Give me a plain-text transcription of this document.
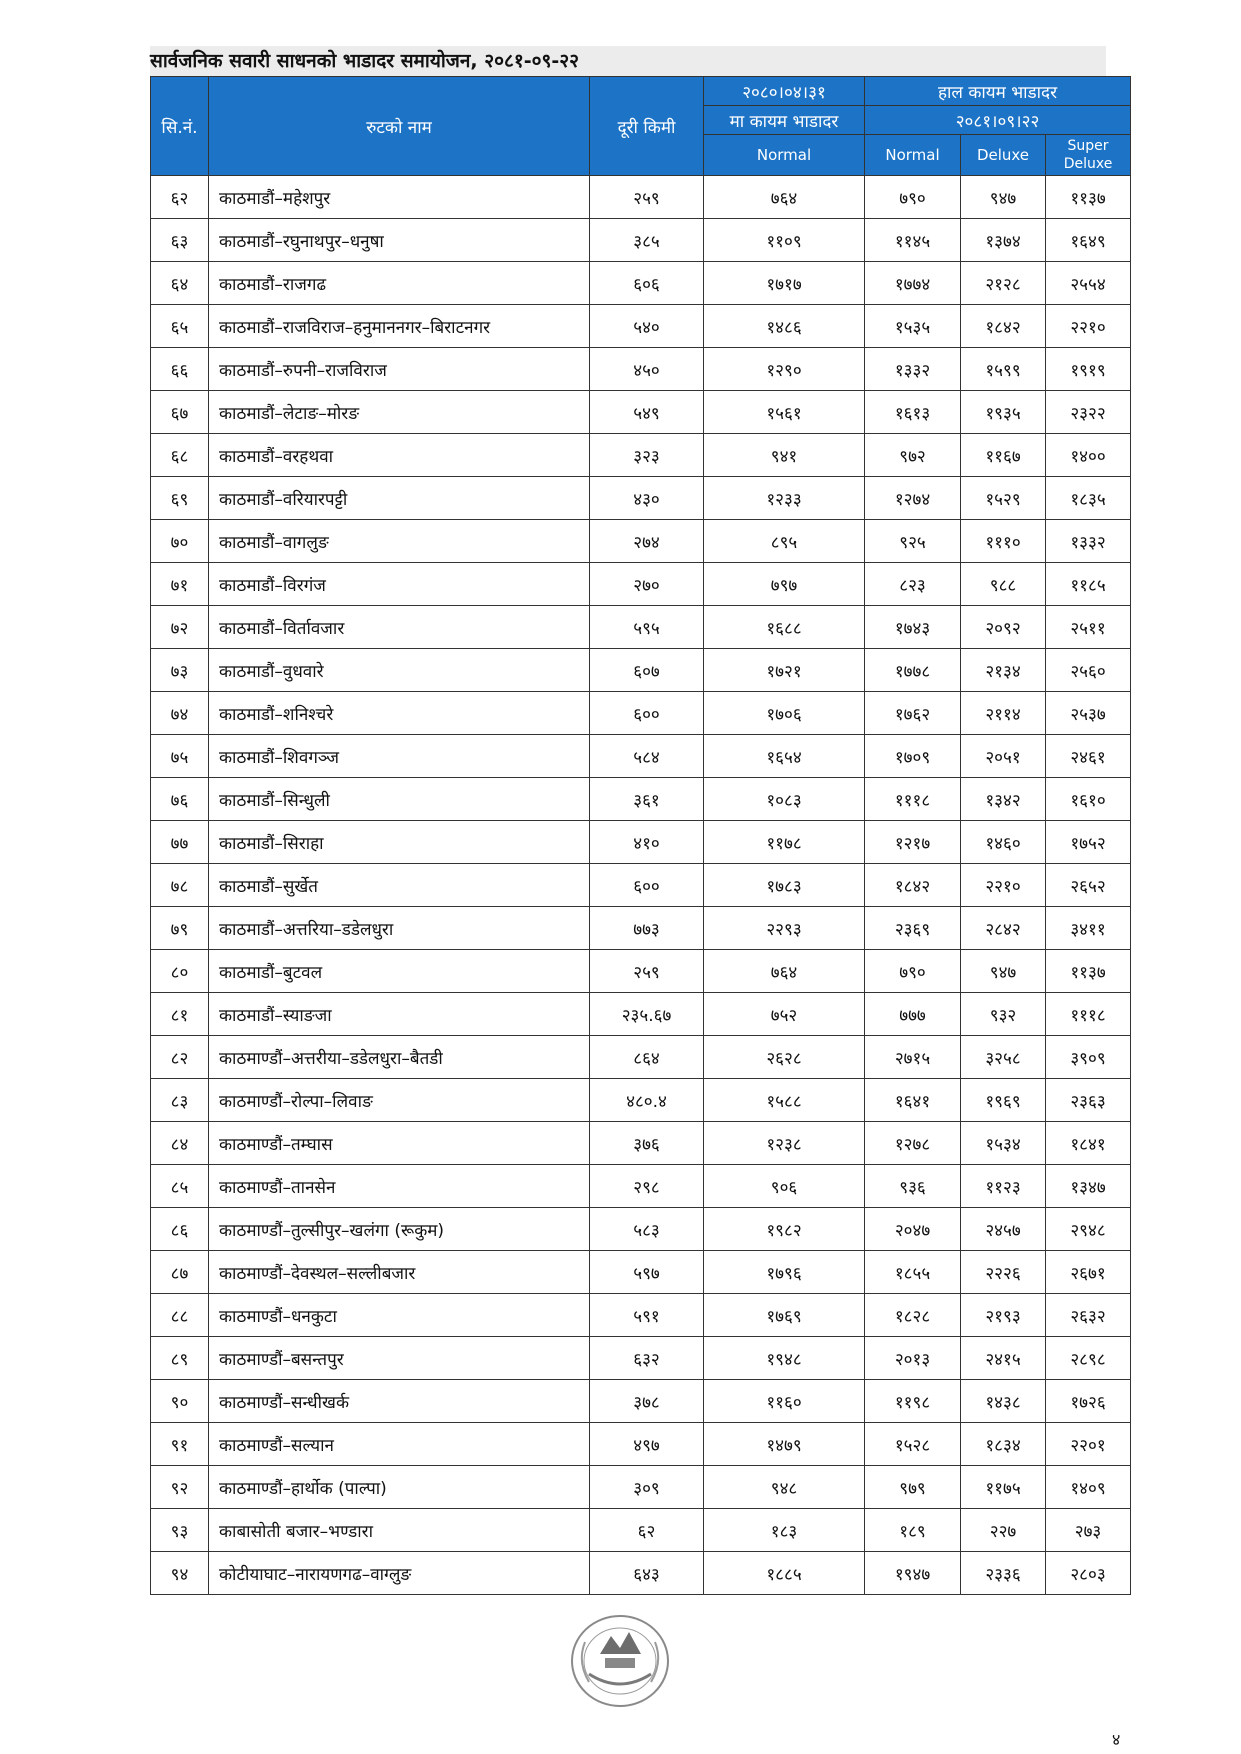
सार्वजनिक सवारी साधनको भाडादर समायोजन, २०८१-०९-२२
सि.नं.	रुटको नाम	दूरी किमी	२०८०।०४।३१	हाल कायम भाडादर		
			मा कायम भाडादर	२०८१।०९।२२		
			Normal	Normal	Deluxe	Super Deluxe
६२	काठमाडौं–महेशपुर	२५९	७६४	७९०	९४७	११३७
६३	काठमाडौं–रघुनाथपुर–धनुषा	३८५	११०९	११४५	१३७४	१६४९
६४	काठमाडौं–राजगढ	६०६	१७१७	१७७४	२१२८	२५५४
६५	काठमाडौं–राजविराज–हनुमाननगर–बिराटनगर	५४०	१४८६	१५३५	१८४२	२२१०
६६	काठमाडौं–रुपनी–राजविराज	४५०	१२९०	१३३२	१५९९	१९१९
६७	काठमाडौं–लेटाङ–मोरङ	५४९	१५६१	१६१३	१९३५	२३२२
६८	काठमाडौं–वरहथवा	३२३	९४१	९७२	११६७	१४००
६९	काठमाडौं–वरियारपट्टी	४३०	१२३३	१२७४	१५२९	१८३५
७०	काठमाडौं–वागलुङ	२७४	८९५	९२५	१११०	१३३२
७१	काठमाडौं–विरगंज	२७०	७९७	८२३	९८८	११८५
७२	काठमाडौं–विर्तावजार	५९५	१६८८	१७४३	२०९२	२५११
७३	काठमाडौं–वुधवारे	६०७	१७२१	१७७८	२१३४	२५६०
७४	काठमाडौं–शनिश्चरे	६००	१७०६	१७६२	२११४	२५३७
७५	काठमाडौं–शिवगञ्ज	५८४	१६५४	१७०९	२०५१	२४६१
७६	काठमाडौं–सिन्धुली	३६१	१०८३	१११८	१३४२	१६१०
७७	काठमाडौं–सिराहा	४१०	११७८	१२१७	१४६०	१७५२
७८	काठमाडौं–सुर्खेत	६००	१७८३	१८४२	२२१०	२६५२
७९	काठमाडौं–अत्तरिया–डडेलधुरा	७७३	२२९३	२३६९	२८४२	३४११
८०	काठमाडौं–बुटवल	२५९	७६४	७९०	९४७	११३७
८१	काठमाडौं–स्याङजा	२३५.६७	७५२	७७७	९३२	१११८
८२	काठमाण्डौं–अत्तरीया–डडेलधुरा–बैतडी	८६४	२६२८	२७१५	३२५८	३९०९
८३	काठमाण्डौं–रोल्पा–लिवाङ	४८०.४	१५८८	१६४१	१९६९	२३६३
८४	काठमाण्डौं–तम्घास	३७६	१२३८	१२७८	१५३४	१८४१
८५	काठमाण्डौं–तानसेन	२९८	९०६	९३६	११२३	१३४७
८६	काठमाण्डौं–तुल्सीपुर–खलंगा (रूकुम)	५८३	१९८२	२०४७	२४५७	२९४८
८७	काठमाण्डौं–देवस्थल–सल्लीबजार	५९७	१७९६	१८५५	२२२६	२६७१
८८	काठमाण्डौं–धनकुटा	५९१	१७६९	१८२८	२१९३	२६३२
८९	काठमाण्डौं–बसन्तपुर	६३२	१९४८	२०१३	२४१५	२८९८
९०	काठमाण्डौं–सन्धीखर्क	३७८	११६०	११९८	१४३८	१७२६
९१	काठमाण्डौं–सल्यान	४९७	१४७९	१५२८	१८३४	२२०१
९२	काठमाण्डौं–हार्थोक (पाल्पा)	३०९	९४८	९७९	११७५	१४०९
९३	काबासोती बजार–भण्डारा	६२	१८३	१८९	२२७	२७३
९४	कोटीयाघाट–नारायणगढ–वाग्लुङ	६४३	१८८५	१९४७	२३३६	२८०३
४
